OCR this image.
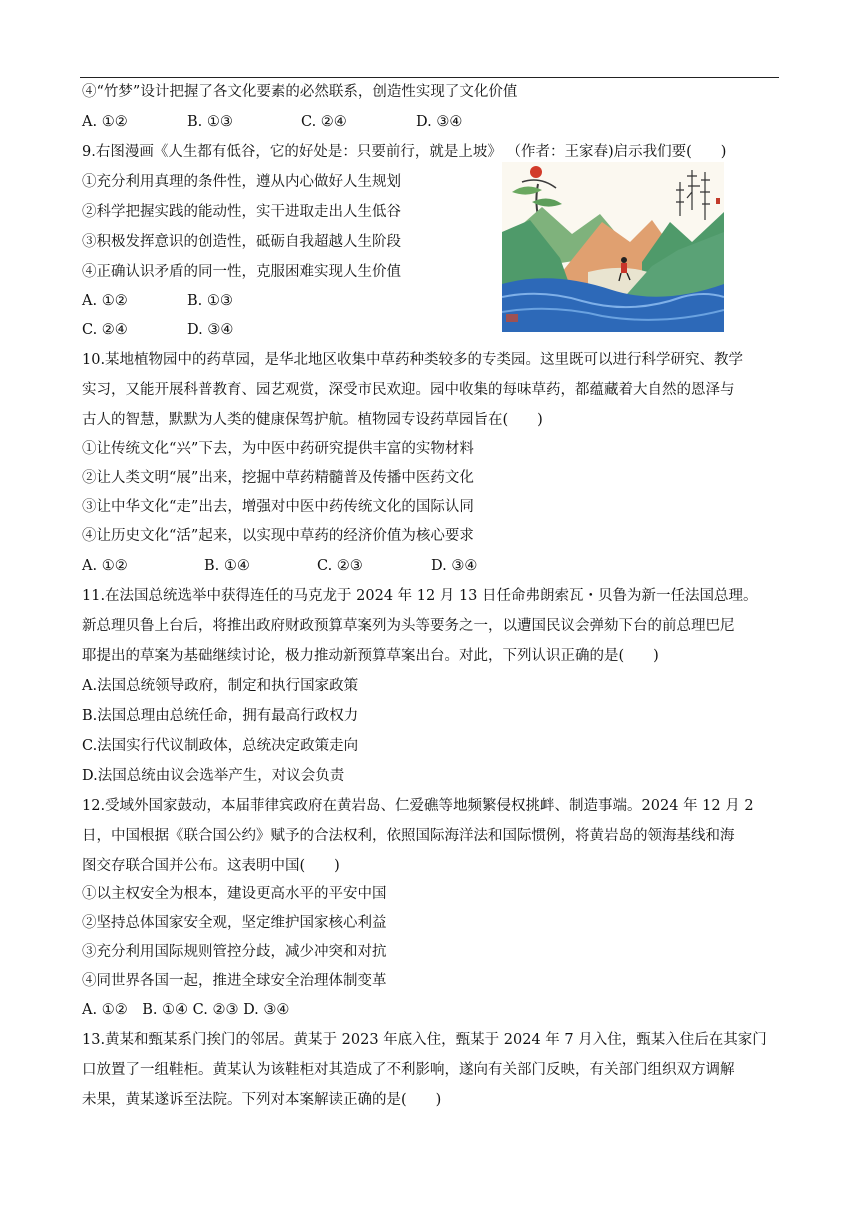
④“竹梦”设计把握了各文化要素的必然联系，创造性实现了文化价值
A. ①②	B. ①③	C. ②④	D. ③④
9.右图漫画《人生都有低谷，它的好处是：只要前行，就是上坡》 （作者：王家春)启示我们要(　　)
①充分利用真理的条件性，遵从内心做好人生规划
②科学把握实践的能动性，实干进取走出人生低谷
③积极发挥意识的创造性，砥砺自我超越人生阶段
④正确认识矛盾的同一性，克服困难实现人生价值
A. ①②	B. ①③
C. ②④	D. ③④
10.某地植物园中的药草园，是华北地区收集中草药种类较多的专类园。这里既可以进行科学研究、教学
实习，又能开展科普教育、园艺观赏，深受市民欢迎。园中收集的每味草药，都蕴藏着大自然的恩泽与
古人的智慧，默默为人类的健康保驾护航。植物园专设药草园旨在(　　)
①让传统文化“兴”下去，为中医中药研究提供丰富的实物材料
②让人类文明“展”出来，挖掘中草药精髓普及传播中医药文化
③让中华文化“走”出去，增强对中医中药传统文化的国际认同
④让历史文化“活”起来，以实现中草药的经济价值为核心要求
A. ①②	B. ①④	C. ②③	D. ③④
11.在法国总统选举中获得连任的马克龙于 2024 年 12 月 13 日任命弗朗索瓦・贝鲁为新一任法国总理。
新总理贝鲁上台后，将推出政府财政预算草案列为头等要务之一，以遭国民议会弹劾下台的前总理巴尼
耶提出的草案为基础继续讨论，极力推动新预算草案出台。对此，下列认识正确的是(　　)
A.法国总统领导政府，制定和执行国家政策
B.法国总理由总统任命，拥有最高行政权力
C.法国实行代议制政体，总统决定政策走向
D.法国总统由议会选举产生，对议会负责
12.受域外国家鼓动，本届菲律宾政府在黄岩岛、仁爱礁等地频繁侵权挑衅、制造事端。2024 年 12 月 2
日，中国根据《联合国公约》赋予的合法权利，依照国际海洋法和国际惯例，将黄岩岛的领海基线和海
图交存联合国并公布。这表明中国(　　)
①以主权安全为根本，建设更高水平的平安中国
②坚持总体国家安全观，坚定维护国家核心利益
③充分利用国际规则管控分歧，减少冲突和对抗
④同世界各国一起，推进全球安全治理体制变革
A. ①②　B. ①④ C. ②③ D. ③④
13.黄某和甄某系门挨门的邻居。黄某于 2023 年底入住，甄某于 2024 年 7 月入住，甄某入住后在其家门
口放置了一组鞋柜。黄某认为该鞋柜对其造成了不利影响，遂向有关部门反映，有关部门组织双方调解
未果，黄某遂诉至法院。下列对本案解读正确的是(　　)
